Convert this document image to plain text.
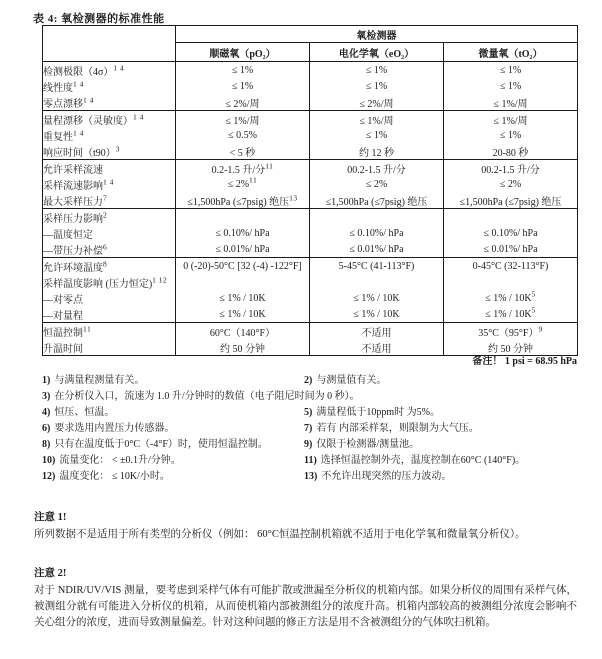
表 4: 氧检测器的标准性能
	氧检测器		
	顺磁氧（pO₂）	电化学氧（eO₂）	微量氧（tO₂）
检测极限$(4\sigma)^{1 4}$	≤ 1%	≤ 1%	≤ 1%
线性度$^{1 4}$	≤ 1%	≤ 1%	≤ 1%
零点漂移$^{1 4}$	≤ 2%/周	≤ 2%/周	≤ 1%/周
量程漂移（灵敏度）$^{1 4}$	≤ 1%/周	≤ 1%/周	≤ 1%/周
重复性$^{1 4}$	≤ 0.5%	≤ 1%	≤ 1%
响应时间$(t90)^3$	< 5 秒	约 12 秒	20-80 秒
允许采样流速	0.2-1.5 升/分$^{11}$	00.2-1.5 升/分	00.2-1.5 升/分
采样流速影响$^{1 4}$	≤ 2%$^{11}$	≤ 2%	≤ 2%
最大采样压力$^7$	≤1,500hPa (≤7psig) 绝压$^{13}$	≤1,500hPa (≤7psig) 绝压	≤1,500hPa (≤7psig) 绝压
采样压力影响$^2$			
—温度恒定	≤ 0.10%/ hPa	≤ 0.10%/ hPa	≤ 0.10%/ hPa
—带压力补偿$^6$	≤ 0.01%/ hPa	≤ 0.01%/ hPa	≤ 0.01%/ hPa
允许环境温度$^8$	0 (-20)-50°C [32 (-4) -122°F]	5-45°C (41-113°F)	0-45°C (32-113°F)
采样温度影响 (压力恒定)$^{1 12}$			
—对零点	≤ 1% / 10K	≤ 1% / 10K	≤ $1\% / 10K^5$
—对量程	≤ 1% / 10K	≤ 1% / 10K	≤ $1\% / 10K^5$
恒温控制$^{11}$	60°C（140°F）	不适用	$35^\circ C(95^\circ F)^9$
升温时间	约 50 分钟	不适用	约 50 分钟
备注！ 1 psi = 68.95 hPa
1) 与满量程测量有关。	2) 与测量值有关。
3) 在分析仪入口，流速为 1.0 升/分钟时的数值（电子阻尼时间为 0 秒）。
4) 恒压、恒温。	5) 满量程低于10ppm时 为5%。
6) 要求选用内置压力传感器。	7) 若有 内部采样泵，则限制为大气压。
8) 只有在温度低于0°C（-4°F）时，使用恒温控制。	9) 仅限于检测器/测量池。
10) 流量变化： < ±0.1升/分钟。	11) 选择恒温控制外壳，温度控制在60°C (140°F)。
12) 温度变化： ≤ 10K/小时。	13) 不允许出现突然的压力波动。
注意 1!
所列数据不是适用于所有类型的分析仪（例如： 60°C恒温控制机箱就不适用于电化学氧和微量氧分析仪）。
注意 2!
对于 NDIR/UV/VIS 测量，要考虑到采样气体有可能扩散或泄漏至分析仪的机箱内部。如果分析仪的周围有采样气体，被测组分就有可能进入分析仪的机箱，从而使机箱内部被测组分的浓度升高。机箱内部较高的被测组分浓度会影响不关心组分的浓度，进而导致测量偏差。针对这种问题的修正方法是用不含被测组分的气体吹扫机箱。
